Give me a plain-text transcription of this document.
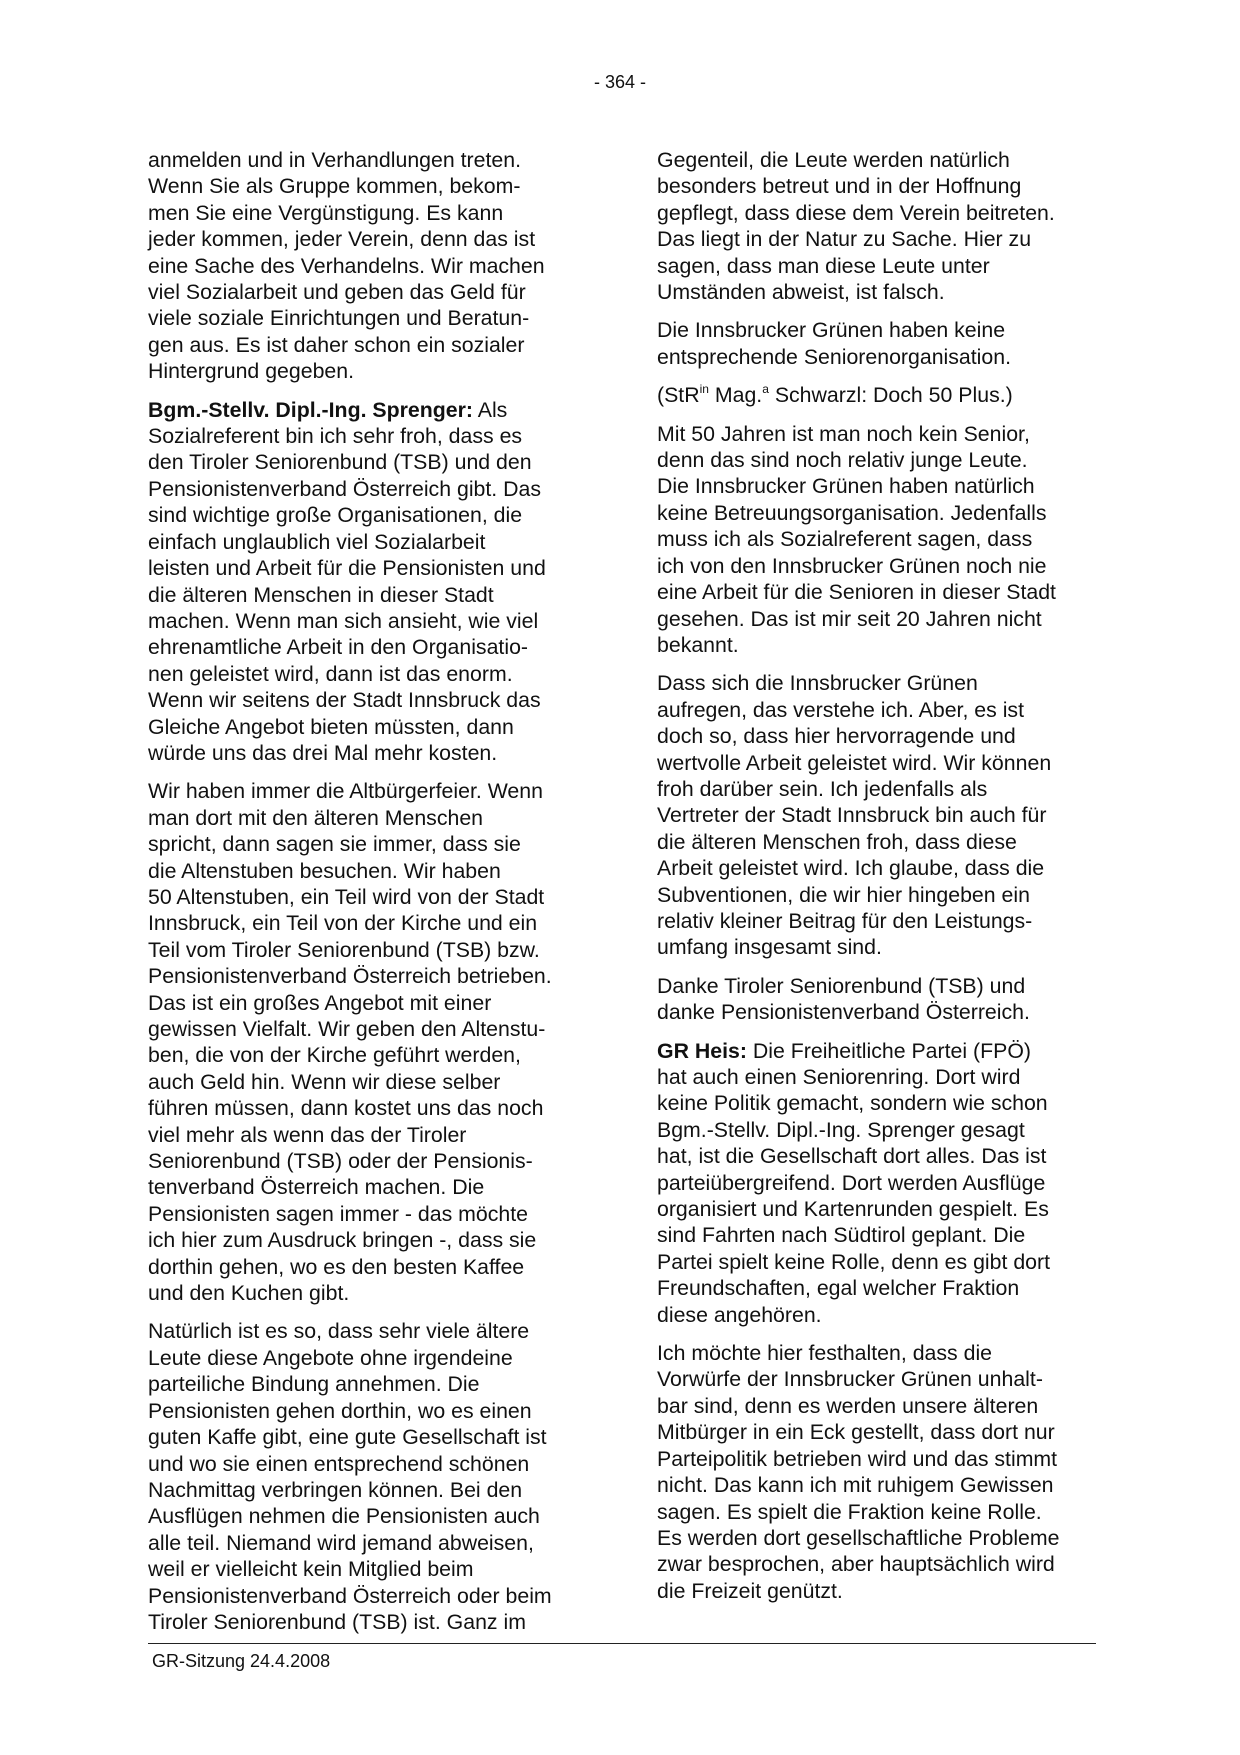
- 364 -

anmelden und in Verhandlungen treten.
Wenn Sie als Gruppe kommen, bekom-
men Sie eine Vergünstigung. Es kann
jeder kommen, jeder Verein, denn das ist
eine Sache des Verhandelns. Wir machen
viel Sozialarbeit und geben das Geld für
viele soziale Einrichtungen und Beratun-
gen aus. Es ist daher schon ein sozialer
Hintergrund gegeben.

Bgm.-Stellv. Dipl.-Ing. Sprenger: Als
Sozialreferent bin ich sehr froh, dass es
den Tiroler Seniorenbund (TSB) und den
Pensionistenverband Österreich gibt. Das
sind wichtige große Organisationen, die
einfach unglaublich viel Sozialarbeit
leisten und Arbeit für die Pensionisten und
die älteren Menschen in dieser Stadt
machen. Wenn man sich ansieht, wie viel
ehrenamtliche Arbeit in den Organisatio-
nen geleistet wird, dann ist das enorm.
Wenn wir seitens der Stadt Innsbruck das
Gleiche Angebot bieten müssten, dann
würde uns das drei Mal mehr kosten.

Wir haben immer die Altbürgerfeier. Wenn
man dort mit den älteren Menschen
spricht, dann sagen sie immer, dass sie
die Altenstuben besuchen. Wir haben
50 Altenstuben, ein Teil wird von der Stadt
Innsbruck, ein Teil von der Kirche und ein
Teil vom Tiroler Seniorenbund (TSB) bzw.
Pensionistenverband Österreich betrieben.
Das ist ein großes Angebot mit einer
gewissen Vielfalt. Wir geben den Altenstu-
ben, die von der Kirche geführt werden,
auch Geld hin. Wenn wir diese selber
führen müssen, dann kostet uns das noch
viel mehr als wenn das der Tiroler
Seniorenbund (TSB) oder der Pensionis-
tenverband Österreich machen. Die
Pensionisten sagen immer - das möchte
ich hier zum Ausdruck bringen -, dass sie
dorthin gehen, wo es den besten Kaffee
und den Kuchen gibt.

Natürlich ist es so, dass sehr viele ältere
Leute diese Angebote ohne irgendeine
parteiliche Bindung annehmen. Die
Pensionisten gehen dorthin, wo es einen
guten Kaffe gibt, eine gute Gesellschaft ist
und wo sie einen entsprechend schönen
Nachmittag verbringen können. Bei den
Ausflügen nehmen die Pensionisten auch
alle teil. Niemand wird jemand abweisen,
weil er vielleicht kein Mitglied beim
Pensionistenverband Österreich oder beim
Tiroler Seniorenbund (TSB) ist. Ganz im

Gegenteil, die Leute werden natürlich
besonders betreut und in der Hoffnung
gepflegt, dass diese dem Verein beitreten.
Das liegt in der Natur zu Sache. Hier zu
sagen, dass man diese Leute unter
Umständen abweist, ist falsch.

Die Innsbrucker Grünen haben keine
entsprechende Seniorenorganisation.

(StR$^{in}$ Mag.$^a$ Schwarzl: Doch 50 Plus.)

Mit 50 Jahren ist man noch kein Senior,
denn das sind noch relativ junge Leute.
Die Innsbrucker Grünen haben natürlich
keine Betreuungsorganisation. Jedenfalls
muss ich als Sozialreferent sagen, dass
ich von den Innsbrucker Grünen noch nie
eine Arbeit für die Senioren in dieser Stadt
gesehen. Das ist mir seit 20 Jahren nicht
bekannt.

Dass sich die Innsbrucker Grünen
aufregen, das verstehe ich. Aber, es ist
doch so, dass hier hervorragende und
wertvolle Arbeit geleistet wird. Wir können
froh darüber sein. Ich jedenfalls als
Vertreter der Stadt Innsbruck bin auch für
die älteren Menschen froh, dass diese
Arbeit geleistet wird. Ich glaube, dass die
Subventionen, die wir hier hingeben ein
relativ kleiner Beitrag für den Leistungs-
umfang insgesamt sind.

Danke Tiroler Seniorenbund (TSB) und
danke Pensionistenverband Österreich.

GR Heis: Die Freiheitliche Partei (FPÖ)
hat auch einen Seniorenring. Dort wird
keine Politik gemacht, sondern wie schon
Bgm.-Stellv. Dipl.-Ing. Sprenger gesagt
hat, ist die Gesellschaft dort alles. Das ist
parteiübergreifend. Dort werden Ausflüge
organisiert und Kartenrunden gespielt. Es
sind Fahrten nach Südtirol geplant. Die
Partei spielt keine Rolle, denn es gibt dort
Freundschaften, egal welcher Fraktion
diese angehören.

Ich möchte hier festhalten, dass die
Vorwürfe der Innsbrucker Grünen unhalt-
bar sind, denn es werden unsere älteren
Mitbürger in ein Eck gestellt, dass dort nur
Parteipolitik betrieben wird und das stimmt
nicht. Das kann ich mit ruhigem Gewissen
sagen. Es spielt die Fraktion keine Rolle.
Es werden dort gesellschaftliche Probleme
zwar besprochen, aber hauptsächlich wird
die Freizeit genützt.

GR-Sitzung 24.4.2008
